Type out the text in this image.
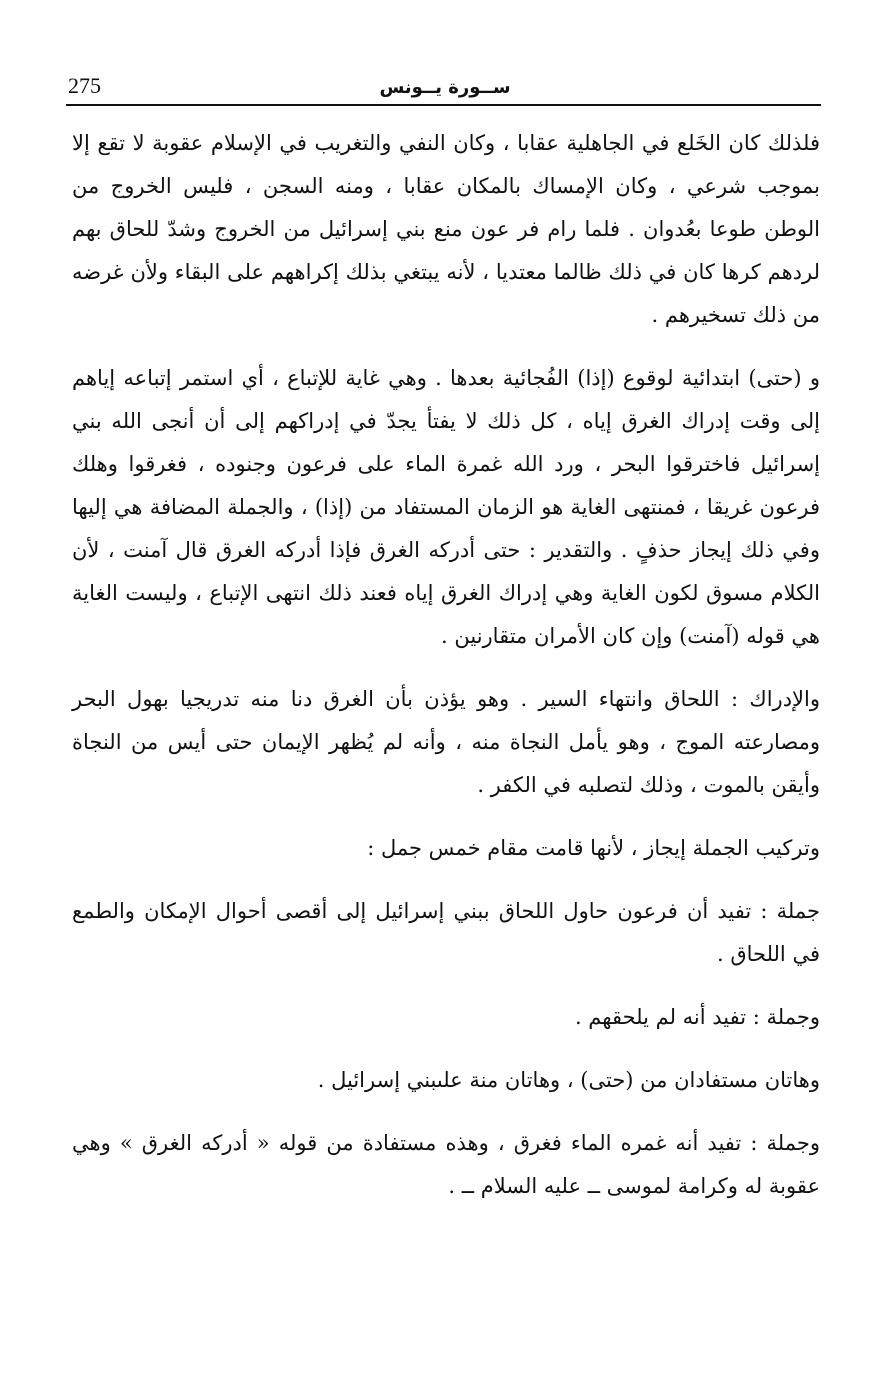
275	ســورة يــونس

فلذلك كان الخَلع في الجاهلية عقابا ، وكان النفي والتغريب في الإسلام عقوبة لا تقع إلا بموجب شرعي ، وكان الإمساك بالمكان عقابا ، ومنه السجن ، فليس الخروج من الوطن طوعا بعُدوان . فلما رام فر عون منع بني إسرائيل من الخروج وشدّ للحاق بهم لردهم كرها كان في ذلك ظالما معتديا ، لأنه يبتغي بذلك إكراههم على البقاء ولأن غرضه من ذلك تسخيرهم .

و (حتى) ابتدائية لوقوع (إذا) الفُجائية بعدها . وهي غاية للإتباع ، أي استمر إتباعه إياهم إلى وقت إدراك الغرق إياه ، كل ذلك لا يفتأ يجدّ في إدراكهم إلى أن أنجى الله بني إسرائيل فاخترقوا البحر ، ورد الله غمرة الماء على فرعون وجنوده ، فغرقوا وهلك فرعون غريقا ، فمنتهى الغاية هو الزمان المستفاد من (إذا) ، والجملة المضافة هي إليها وفي ذلك إيجاز حذفٍ . والتقدير : حتى أدركه الغرق فإذا أدركه الغرق قال آمنت ، لأن الكلام مسوق لكون الغاية وهي إدراك الغرق إياه فعند ذلك انتهى الإتباع ، وليست الغاية هي قوله (آمنت) وإن كان الأمران متقارنين .

والإدراك : اللحاق وانتهاء السير . وهو يؤذن بأن الغرق دنا منه تدريجيا بهول البحر ومصارعته الموج ، وهو يأمل النجاة منه ، وأنه لم يُظهر الإيمان حتى أيس من النجاة وأيقن بالموت ، وذلك لتصلبه في الكفر .

وتركيب الجملة إيجاز ، لأنها قامت مقام خمس جمل :

جملة : تفيد أن فرعون حاول اللحاق ببني إسرائيل إلى أقصى أحوال الإمكان والطمع في اللحاق .

وجملة : تفيد أنه لم يلحقهم .

وهاتان مستفادان من (حتى) ، وهاتان منة علىبني إسرائيل .

وجملة : تفيد أنه غمره الماء فغرق ، وهذه مستفادة من قوله « أدركه الغرق » وهي عقوبة له وكرامة لموسى ــ عليه السلام ــ .
